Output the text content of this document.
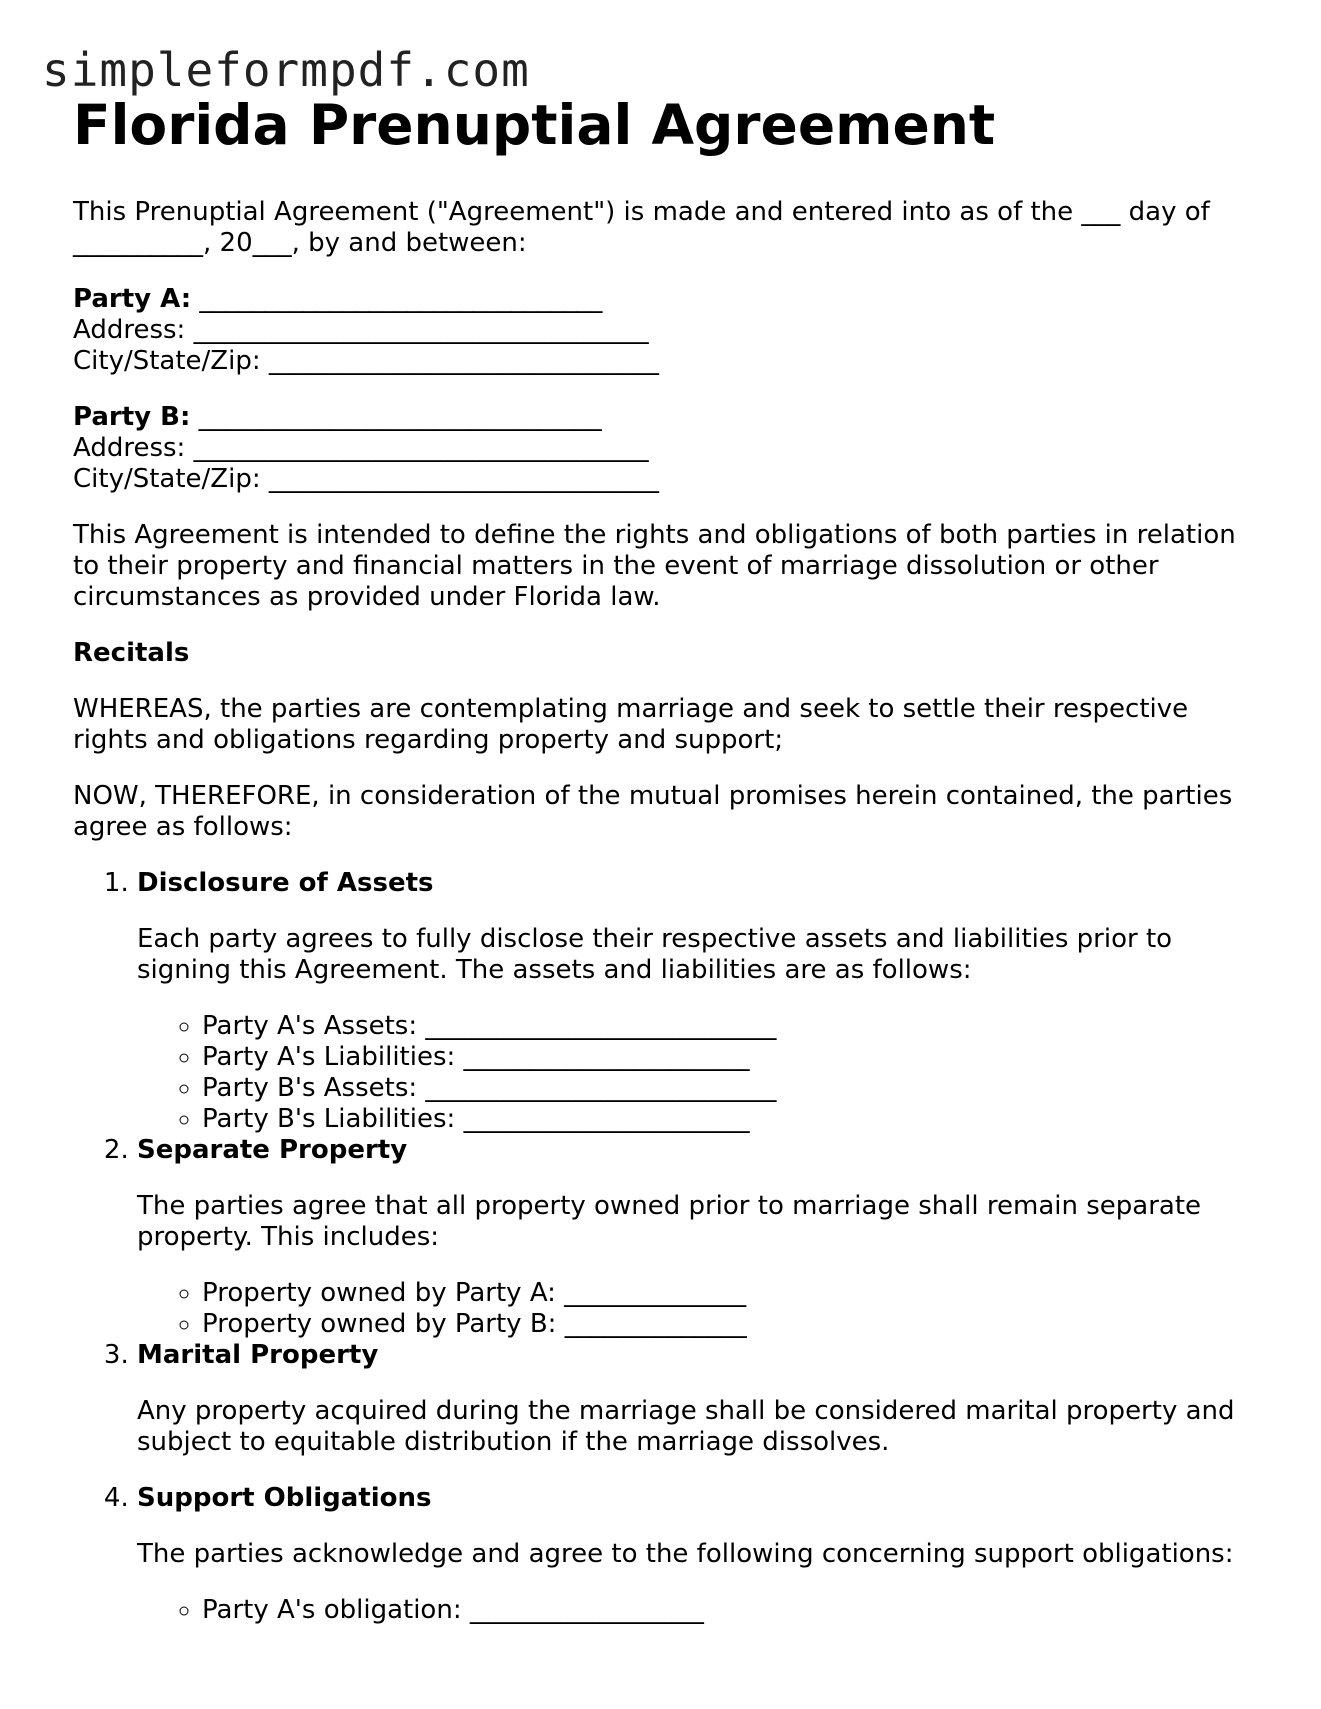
simpleformpdf.com
Florida Prenuptial Agreement

This Prenuptial Agreement ("Agreement") is made and entered into as of the ___ day of __________, 20___, by and between:

Party A: _______________________________
Address: ___________________________________
City/State/Zip: ______________________________
Party B: _______________________________
Address: ___________________________________
City/State/Zip: ______________________________

This Agreement is intended to define the rights and obligations of both parties in relation to their property and financial matters in the event of marriage dissolution or other circumstances as provided under Florida law.

Recitals

WHEREAS, the parties are contemplating marriage and seek to settle their respective rights and obligations regarding property and support;

NOW, THEREFORE, in consideration of the mutual promises herein contained, the parties agree as follows:

1. Disclosure of Assets

Each party agrees to fully disclose their respective assets and liabilities prior to signing this Agreement. The assets and liabilities are as follows:

◦ Party A's Assets: ___________________________
◦ Party A's Liabilities: ______________________
◦ Party B's Assets: ___________________________
◦ Party B's Liabilities: ______________________
2. Separate Property

The parties agree that all property owned prior to marriage shall remain separate property. This includes:

◦ Property owned by Party A: ______________
◦ Property owned by Party B: ______________
3. Marital Property

Any property acquired during the marriage shall be considered marital property and subject to equitable distribution if the marriage dissolves.

4. Support Obligations

The parties acknowledge and agree to the following concerning support obligations:

◦ Party A's obligation: __________________
